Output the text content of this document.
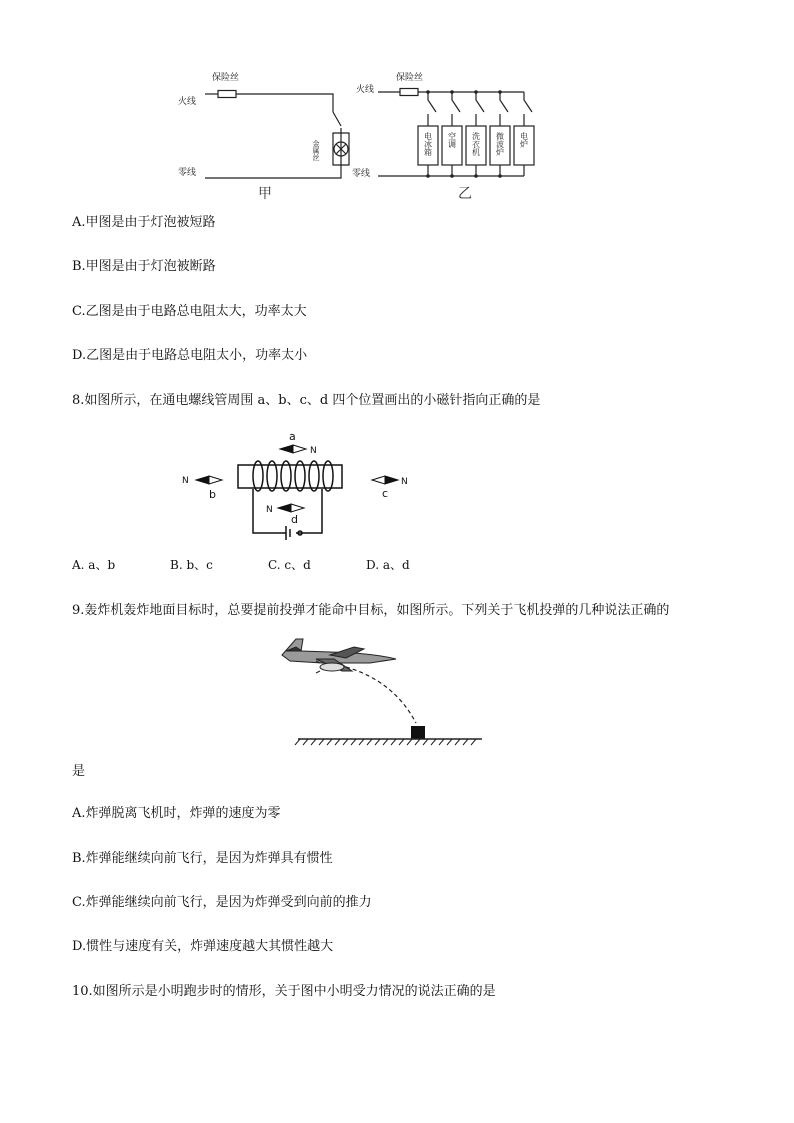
保险丝
火线
零线
保险丝
火线
零线
金属丝	电冰箱 空调 洗衣机 微波炉 电炉
甲	乙
A.甲图是由于灯泡被短路
B.甲图是由于灯泡被断路
C.乙图是由于电路总电阻太大，功率太大
D.乙图是由于电路总电阻太小，功率太小
8.如图所示，在通电螺线管周围 a、b、c、d 四个位置画出的小磁针指向正确的是
a
N
N
b
N
c
N
d
A. a、b	B. b、c	C. c、d	D. a、d
9.轰炸机轰炸地面目标时，总要提前投弹才能命中目标，如图所示。下列关于飞机投弹的几种说法正确的
是
A.炸弹脱离飞机时，炸弹的速度为零
B.炸弹能继续向前飞行，是因为炸弹具有惯性
C.炸弹能继续向前飞行，是因为炸弹受到向前的推力
D.惯性与速度有关，炸弹速度越大其惯性越大
10.如图所示是小明跑步时的情形，关于图中小明受力情况的说法正确的是
